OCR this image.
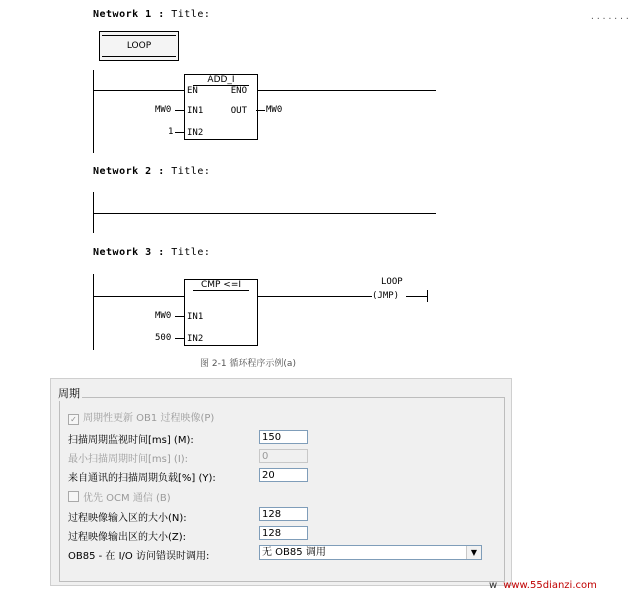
.......
Network 1 : Title:
LOOP
ADD_I
EN	ENO
IN1	OUT
IN2
MW0
1
MW0
Network 2 : Title:
Network 3 : Title:
CMP <=I
IN1
IN2
MW0
500
LOOP
(JMP)
图 2-1 循环程序示例(a)
周期
✓ 周期性更新 OB1 过程映像(P)
扫描周期监视时间[ms] (M):	150
最小扫描周期时间[ms] (I):	0
来自通讯的扫描周期负载[%] (Y):	20
优先 OCM 通信 (B)
过程映像输入区的大小(N):	128
过程映像输出区的大小(Z):	128
OB85 - 在 I/O 访问错误时调用:	无 OB85 调用	▼
w www.55dianzi.com
